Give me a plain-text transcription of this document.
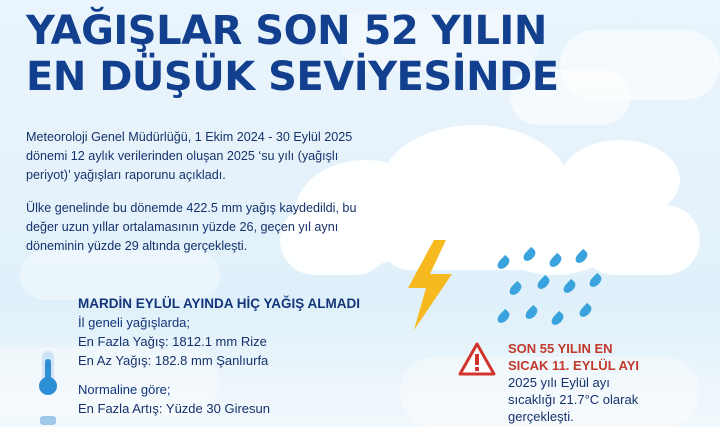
YAĞIŞLAR SON 52 YILIN
EN DÜŞÜK SEVİYESİNDE
Meteoroloji Genel Müdürlüğü, 1 Ekim 2024 - 30 Eylül 2025 dönemi 12 aylık verilerinden oluşan 2025 ‘su yılı (yağışlı periyot)’ yağışları raporunu açıkladı.
Ülke genelinde bu dönemde 422.5 mm yağış kaydedildi, bu değer uzun yıllar ortalamasının yüzde 26, geçen yıl aynı döneminin yüzde 29 altında gerçekleşti.
MARDİN EYLÜL AYINDA HİÇ YAĞIŞ ALMADI
İl geneli yağışlarda;
En Fazla Yağış: 1812.1 mm Rize
En Az Yağış: 182.8 mm Şanlıurfa
Normaline göre;
En Fazla Artış: Yüzde 30 Giresun
SON 55 YILIN EN
SICAK 11. EYLÜL AYI
2025 yılı Eylül ayı
sıcaklığı 21.7°C olarak
gerçekleşti.
